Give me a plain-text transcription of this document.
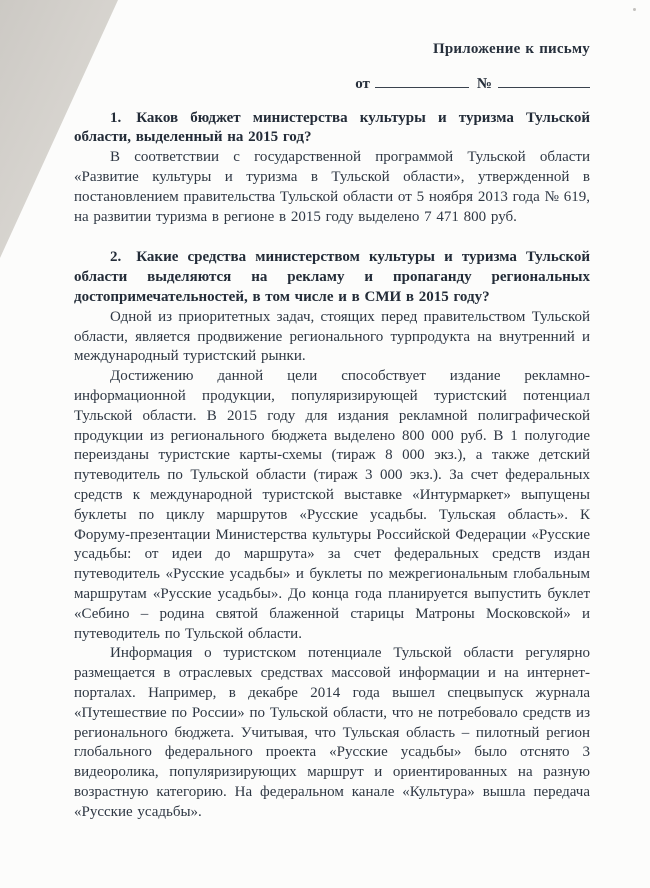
Приложение к письму
от	№

1. Каков бюджет министерства культуры и туризма Тульской области, выделенный на 2015 год?

В соответствии с государственной программой Тульской области «Развитие культуры и туризма в Тульской области», утвержденной в постановлением правительства Тульской области от 5 ноября 2013 года № 619, на развитии туризма в регионе в 2015 году выделено 7 471 800 руб.

2. Какие средства министерством культуры и туризма Тульской области выделяются на рекламу и пропаганду региональных достопримечательностей, в том числе и в СМИ в 2015 году?

Одной из приоритетных задач, стоящих перед правительством Тульской области, является продвижение регионального турпродукта на внутренний и международный туристский рынки.

Достижению данной цели способствует издание рекламно-информационной продукции, популяризирующей туристский потенциал Тульской области. В 2015 году для издания рекламной полиграфической продукции из регионального бюджета выделено 800 000 руб. В 1 полугодие переизданы туристские карты-схемы (тираж 8 000 экз.), а также детский путеводитель по Тульской области (тираж 3 000 экз.). За счет федеральных средств к международной туристской выставке «Интурмаркет» выпущены буклеты по циклу маршрутов «Русские усадьбы. Тульская область». К Форуму-презентации Министерства культуры Российской Федерации «Русские усадьбы: от идеи до маршрута» за счет федеральных средств издан путеводитель «Русские усадьбы» и буклеты по межрегиональным глобальным маршрутам «Русские усадьбы». До конца года планируется выпустить буклет «Себино – родина святой блаженной старицы Матроны Московской» и путеводитель по Тульской области.

Информация о туристском потенциале Тульской области регулярно размещается в отраслевых средствах массовой информации и на интернет-порталах. Например, в декабре 2014 года вышел спецвыпуск журнала «Путешествие по России» по Тульской области, что не потребовало средств из регионального бюджета. Учитывая, что Тульская область – пилотный регион глобального федерального проекта «Русские усадьбы» было отснято 3 видеоролика, популяризирующих маршрут и ориентированных на разную возрастную категорию. На федеральном канале «Культура» вышла передача «Русские усадьбы».
